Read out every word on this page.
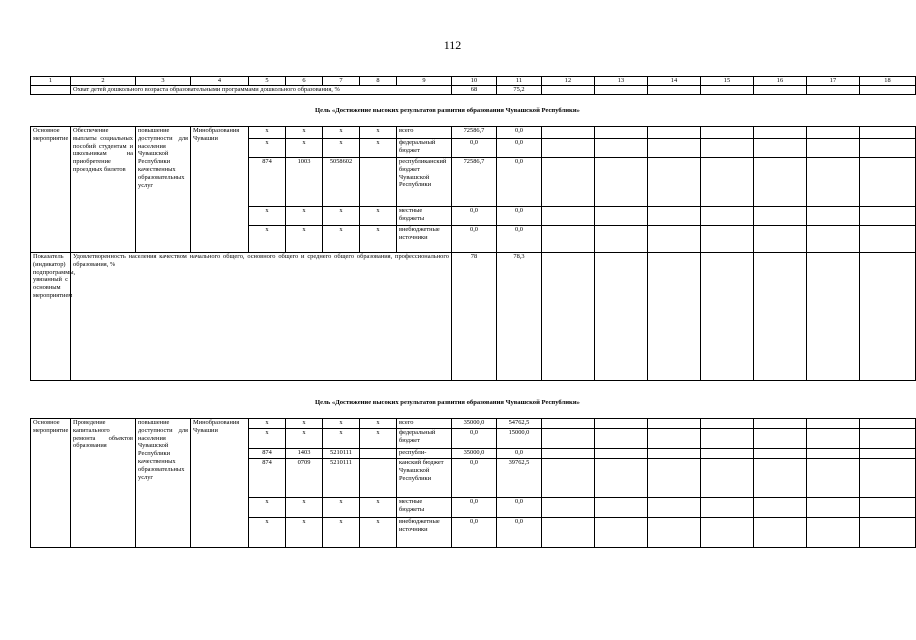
112
1	2	3	4	5	6	7	8	9	10	11	12	13	14	15	16	17	18
	Охват детей дошкольного возраста образовательными программами дошкольного образования, %								68	75,2							
Цель «Достижение высоких результатов развития образования Чувашской Республики»
Основное мероприятие	Обеспечение выплаты социальных пособий студентам и школьникам на приобретение проездных билетов	повышение доступности для населения Чувашской Республики качественных образовательных услуг	Минобразования Чувашии	x	x	x	x	всего	72586,7	0,0							
				x	x	x	x	федеральный бюджет	0,0	0,0							
				874	1003	5058602		республиканский бюджет Чувашской Республики	72586,7	0,0							
				x	x	x	x	местные бюджеты	0,0	0,0							
				x	x	x	x	внебюджетные источники	0,0	0,0							
Показатель (индикатор) подпрограммы, увязанный с основным мероприятием	Удовлетворенность населения качеством начального общего, основного общего и среднего общего образования, профессионального образования, %								78	78,3							
Цель «Достижение высоких результатов развития образования Чувашской Республики»
Основное мероприятие	Проведение капитального ремонта объектов образования	повышение доступности для населения Чувашской Республики качественных образовательных услуг	Минобразования Чувашии	x	x	x	x	всего	35000,0	54762,5							
				x	x	x	x	федеральный бюджет	0,0	15000,0							
				874	1403	5210111		республи-	35000,0	0,0							
				874	0709	5210111		канский бюджет Чувашской Республики	0,0	39762,5							
				x	x	x	x	местные бюджеты	0,0	0,0							
				x	x	x	x	внебюджетные источники	0,0	0,0							
